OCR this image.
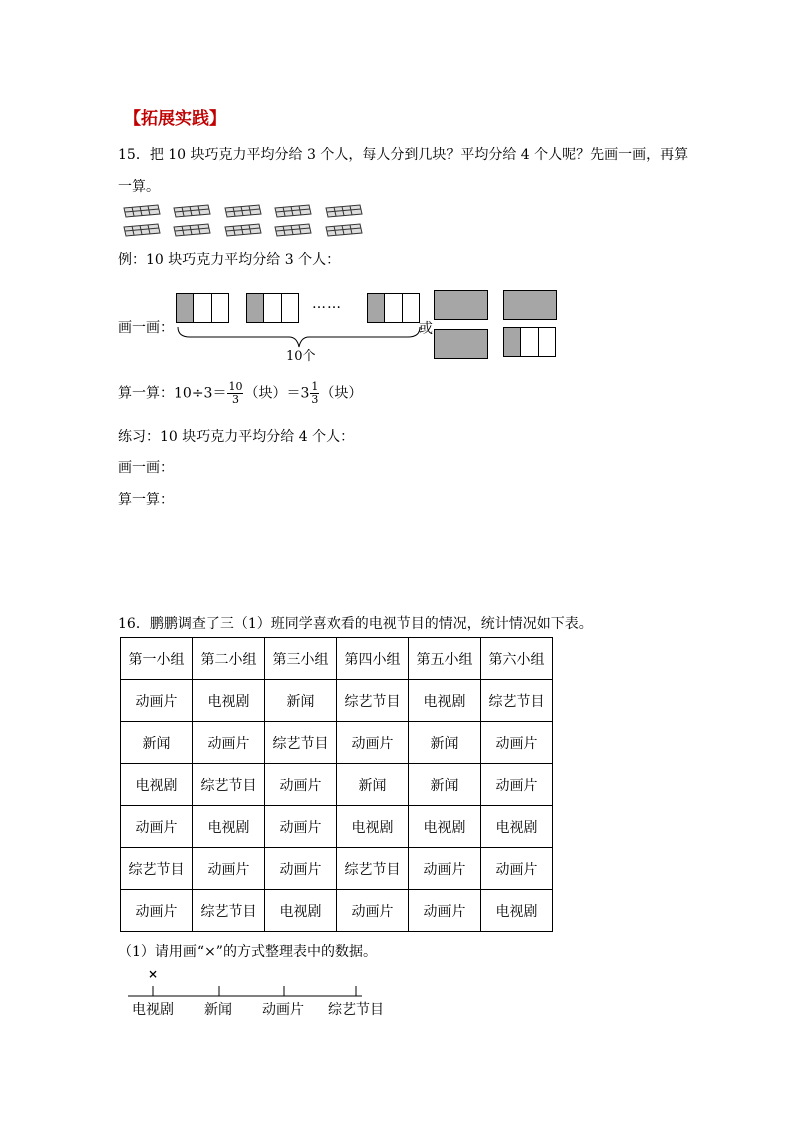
【拓展实践】
15．把 10 块巧克力平均分给 3 个人，每人分到几块？平均分给 4 个人呢？先画一画，再算
一算。

例：10 块巧克力平均分给 3 个人：
画一画：
……
10个
或
算一算：$10\div 3= \frac{10}{3}$ （块）$=3 \frac{1}{3}$ （块）
练习：10 块巧克力平均分给 4 个人：
画一画：
算一算：
16．鹏鹏调查了三（1）班同学喜欢看的电视节目的情况，统计情况如下表。
第一小组	第二小组	第三小组	第四小组	第五小组	第六小组
动画片	电视剧	新闻	综艺节目	电视剧	综艺节目
新闻	动画片	综艺节目	动画片	新闻	动画片
电视剧	综艺节目	动画片	新闻	新闻	动画片
动画片	电视剧	动画片	电视剧	电视剧	电视剧
综艺节目	动画片	动画片	综艺节目	动画片	动画片
动画片	综艺节目	电视剧	动画片	动画片	电视剧
（1）请用画“×”的方式整理表中的数据。
×
电视剧 新闻 动画片 综艺节目
